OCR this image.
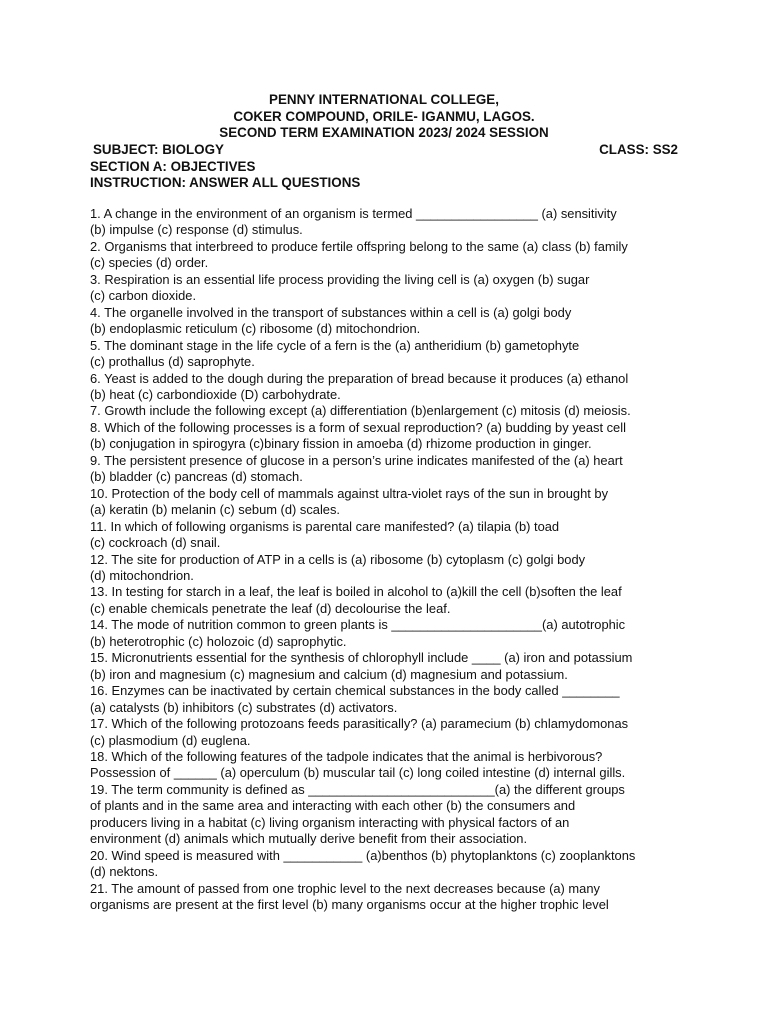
PENNY INTERNATIONAL COLLEGE,
COKER COMPOUND, ORILE- IGANMU, LAGOS.
SECOND TERM EXAMINATION 2023/ 2024 SESSION
SUBJECT: BIOLOGY	CLASS: SS2
SECTION A: OBJECTIVES
INSTRUCTION: ANSWER ALL QUESTIONS
1. A change in the environment of an organism is termed _________________ (a) sensitivity
(b) impulse (c) response (d) stimulus.
2. Organisms that interbreed to produce fertile offspring belong to the same (a) class (b) family
(c) species (d) order.
3. Respiration is an essential life process providing the living cell is (a) oxygen (b) sugar
(c) carbon dioxide.
4. The organelle involved in the transport of substances within a cell is (a) golgi body
(b) endoplasmic reticulum (c) ribosome (d) mitochondrion.
5. The dominant stage in the life cycle of a fern is the (a) antheridium (b) gametophyte
(c) prothallus (d) saprophyte.
6. Yeast is added to the dough during the preparation of bread because it produces (a) ethanol
(b) heat (c) carbondioxide (D) carbohydrate.
7. Growth include the following except (a) differentiation (b)enlargement (c) mitosis (d) meiosis.
8. Which of the following processes is a form of sexual reproduction? (a) budding by yeast cell
(b) conjugation in spirogyra (c)binary fission in amoeba (d) rhizome production in ginger.
9. The persistent presence of glucose in a person’s urine indicates manifested of the (a) heart
(b) bladder (c) pancreas (d) stomach.
10. Protection of the body cell of mammals against ultra-violet rays of the sun in brought by
(a) keratin (b) melanin (c) sebum (d) scales.
11. In which of following organisms is parental care manifested? (a) tilapia (b) toad
(c) cockroach (d) snail.
12. The site for production of ATP in a cells is (a) ribosome (b) cytoplasm (c) golgi body
(d) mitochondrion.
13. In testing for starch in a leaf, the leaf is boiled in alcohol to (a)kill the cell (b)soften the leaf
(c) enable chemicals penetrate the leaf (d) decolourise the leaf.
14. The mode of nutrition common to green plants is _____________________(a) autotrophic
(b) heterotrophic (c) holozoic (d) saprophytic.
15. Micronutrients essential for the synthesis of chlorophyll include ____ (a) iron and potassium
(b) iron and magnesium (c) magnesium and calcium (d) magnesium and potassium.
16. Enzymes can be inactivated by certain chemical substances in the body called ________
(a) catalysts (b) inhibitors (c) substrates (d) activators.
17. Which of the following protozoans feeds parasitically? (a) paramecium (b) chlamydomonas
(c) plasmodium (d) euglena.
18. Which of the following features of the tadpole indicates that the animal is herbivorous?
Possession of ______ (a) operculum (b) muscular tail (c) long coiled intestine (d) internal gills.
19. The term community is defined as __________________________(a) the different groups
of plants and in the same area and interacting with each other (b) the consumers and
producers living in a habitat (c) living organism interacting with physical factors of an
environment (d) animals which mutually derive benefit from their association.
20. Wind speed is measured with ___________ (a)benthos (b) phytoplanktons (c) zooplanktons
(d) nektons.
21. The amount of passed from one trophic level to the next decreases because (a) many
organisms are present at the first level (b) many organisms occur at the higher trophic level
